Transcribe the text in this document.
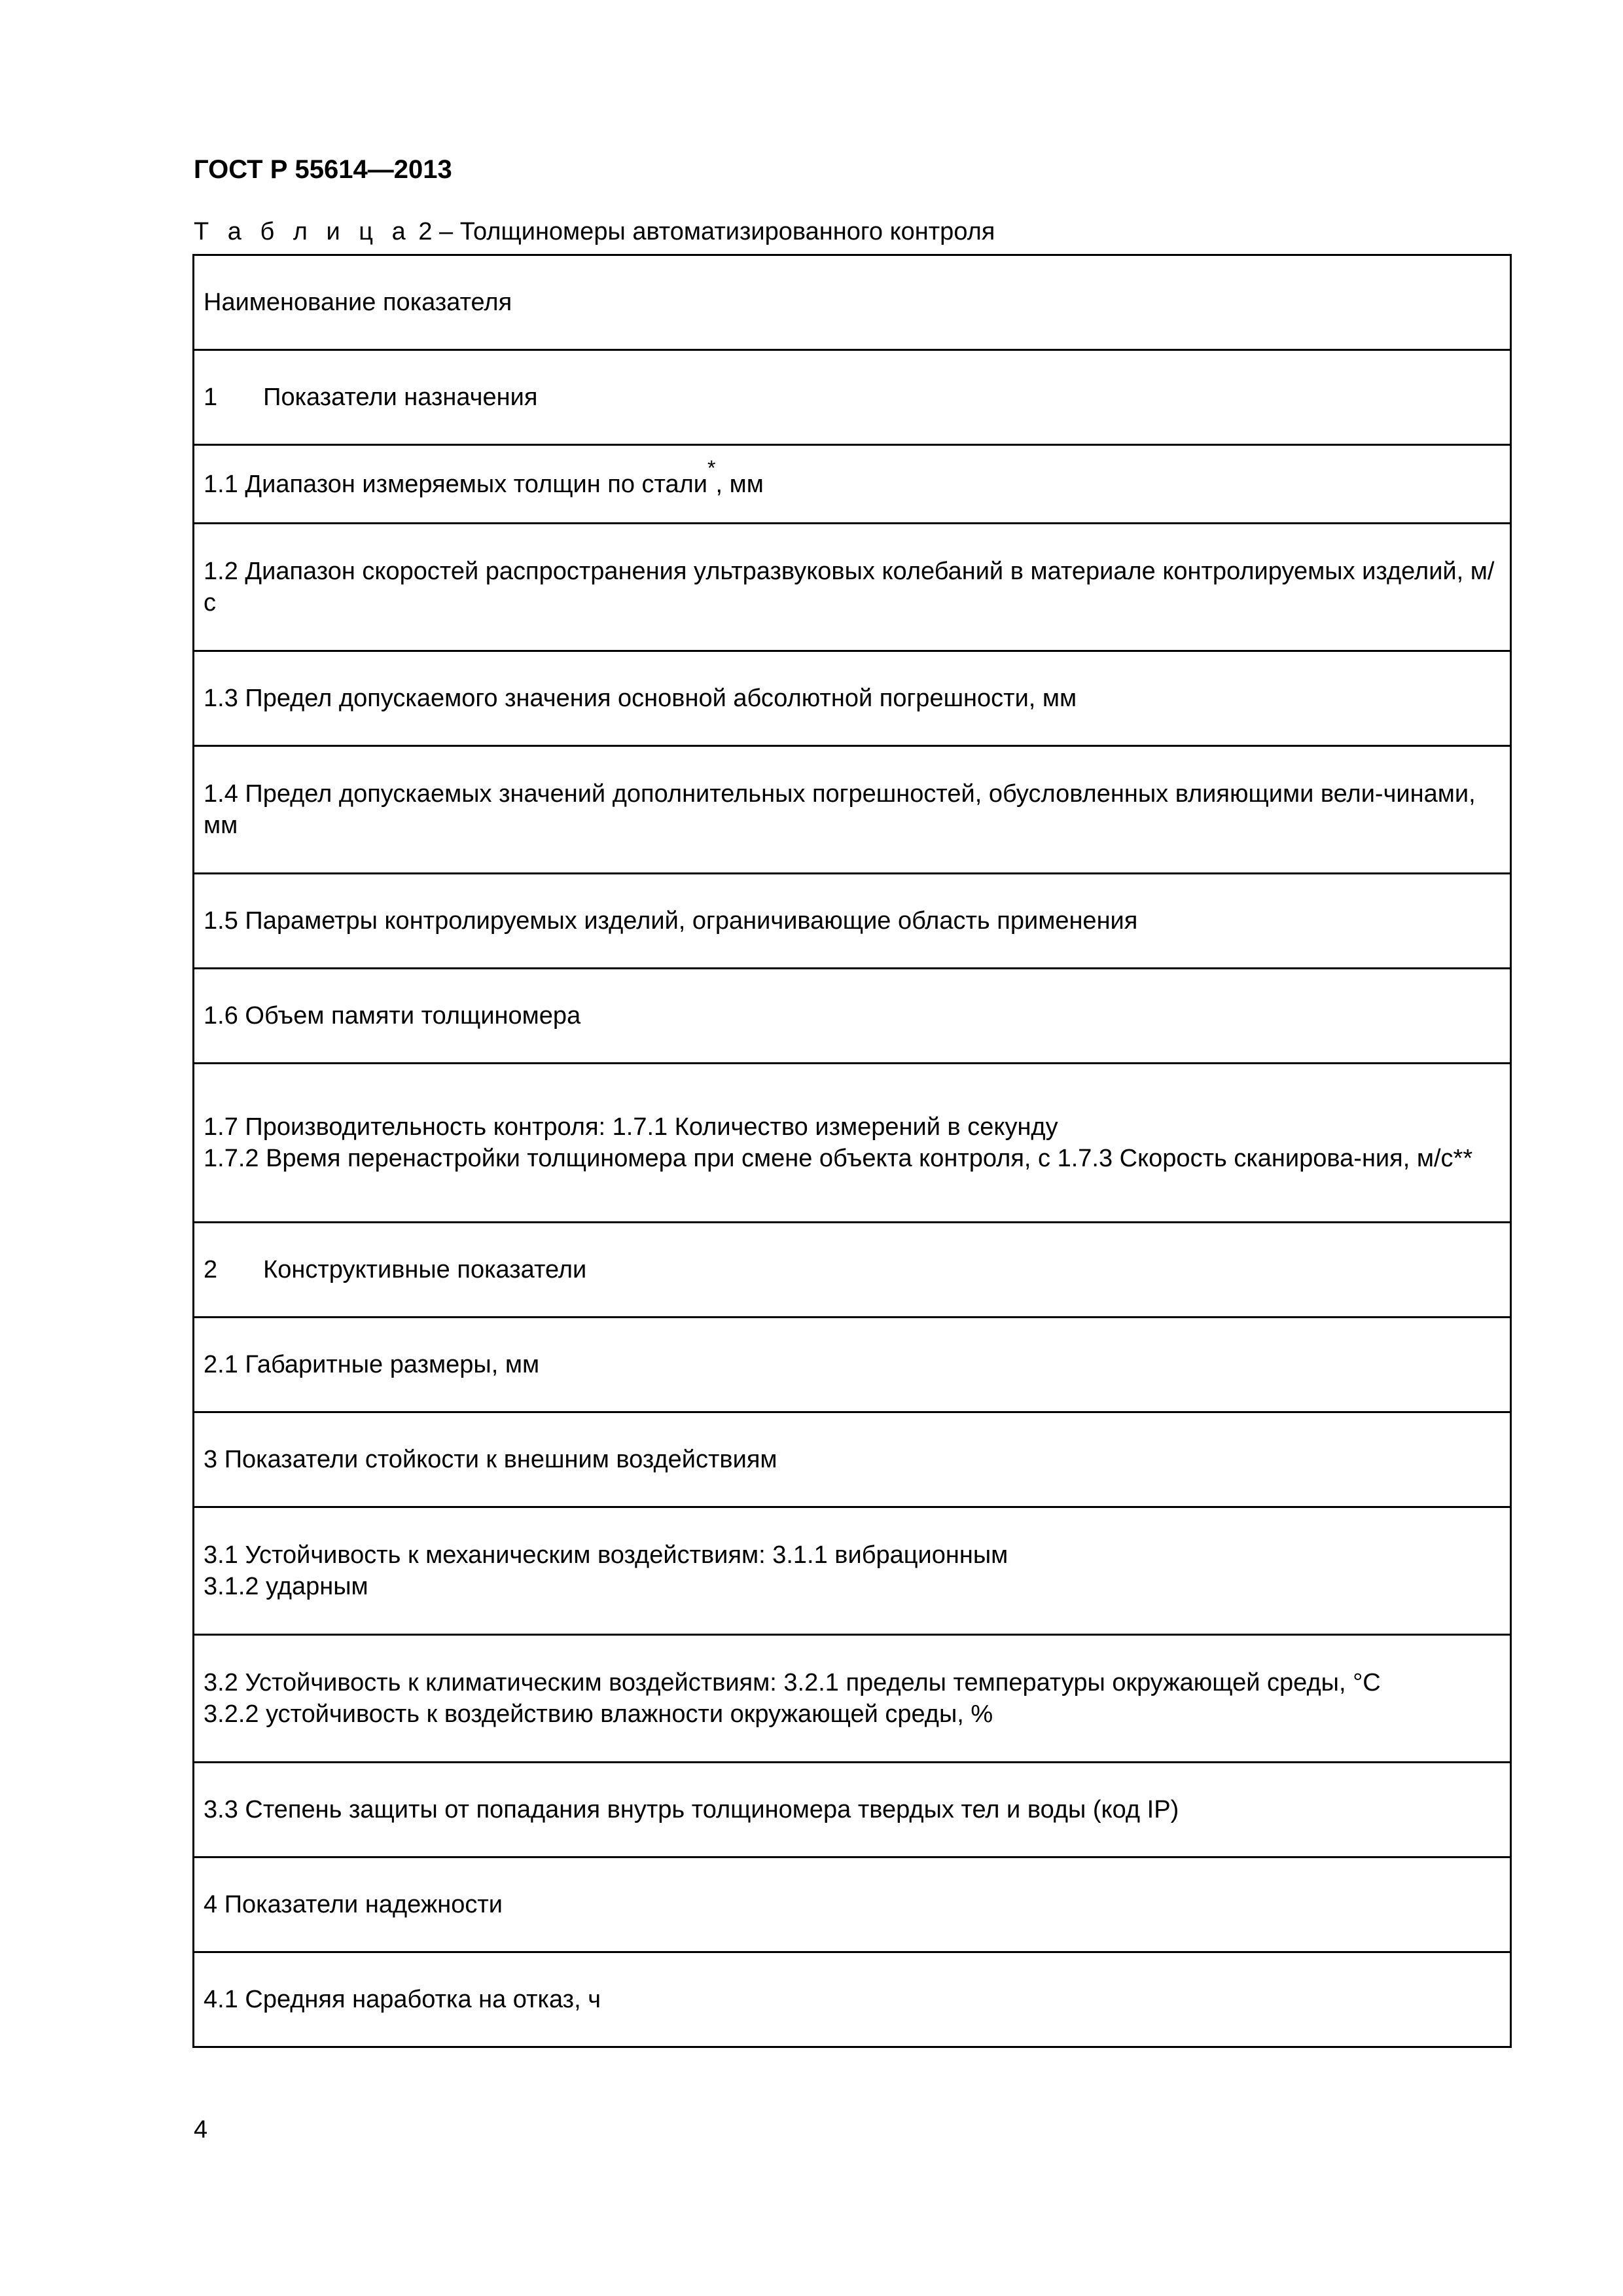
ГОСТ Р 55614—2013
Т а б л и ц а 2 – Толщиномеры автоматизированного контроля
Наименование показателя

1 Показатели назначения

1.1 Диапазон измеряемых толщин по стали*, мм

1.2 Диапазон скоростей распространения ультразвуковых колебаний в материале контролируемых изделий, м/с

1.3 Предел допускаемого значения основной абсолютной погрешности, мм

1.4 Предел допускаемых значений дополнительных погрешностей, обусловленных влияющими вели-чинами, мм

1.5 Параметры контролируемых изделий, ограничивающие область применения

1.6 Объем памяти толщиномера

1.7 Производительность контроля: 1.7.1 Количество измерений в секунду
1.7.2 Время перенастройки толщиномера при смене объекта контроля, с 1.7.3 Скорость сканирова-ния, м/с**

2 Конструктивные показатели

2.1 Габаритные размеры, мм

3 Показатели стойкости к внешним воздействиям

3.1 Устойчивость к механическим воздействиям: 3.1.1 вибрационным
3.1.2 ударным

3.2 Устойчивость к климатическим воздействиям: 3.2.1 пределы температуры окружающей среды, °С
3.2.2 устойчивость к воздействию влажности окружающей среды, %

3.3 Степень защиты от попадания внутрь толщиномера твердых тел и воды (код IP)

4 Показатели надежности

4.1 Средняя наработка на отказ, ч
4
